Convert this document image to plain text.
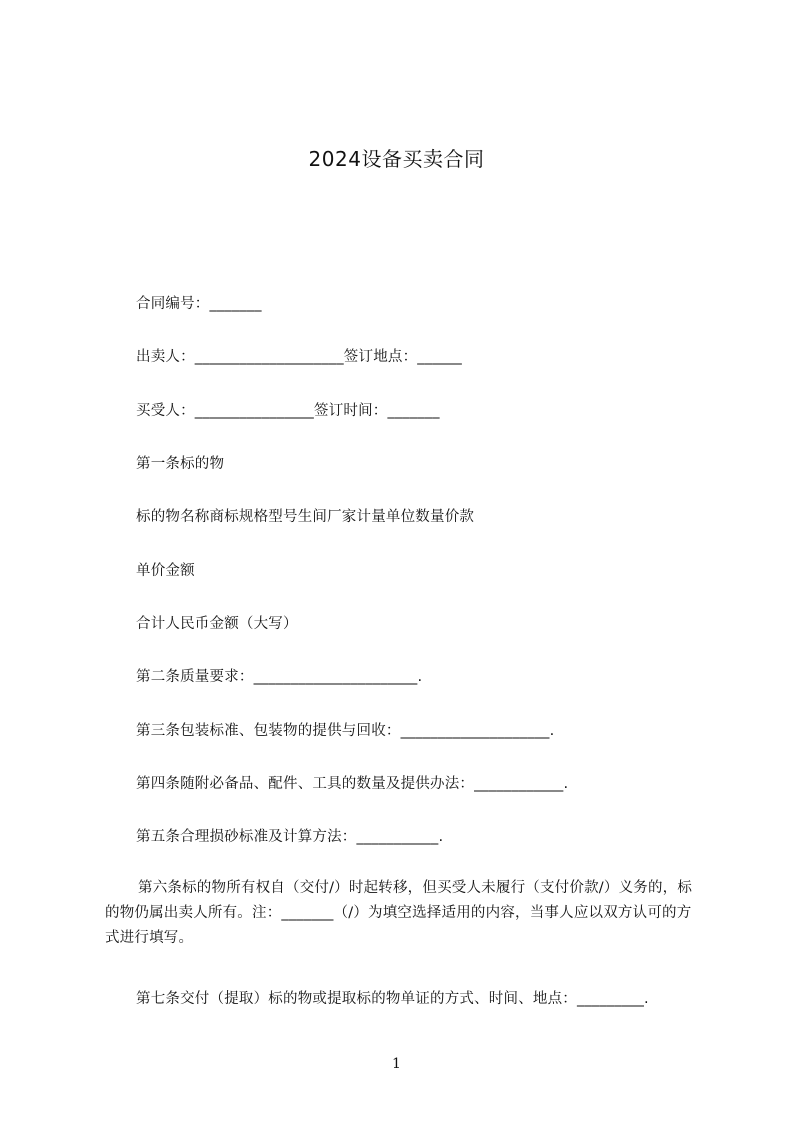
2024设备买卖合同
合同编号：_______
出卖人：____________________签订地点：______
买受人：________________签订时间：_______
第一条标的物
标的物名称商标规格型号生间厂家计量单位数量价款
单价金额
合计人民币金额（大写）
第二条质量要求：______________________.
第三条包装标准、包装物的提供与回收：____________________.
第四条随附必备品、配件、工具的数量及提供办法：____________.
第五条合理损砂标准及计算方法：___________.
第六条标的物所有权自（交付/）时起转移，但买受人未履行（支付价款/）义务的，标的物仍属出卖人所有。注：_______（/）为填空选择适用的内容，当事人应以双方认可的方式进行填写。
第七条交付（提取）标的物或提取标的物单证的方式、时间、地点：_________.
1
